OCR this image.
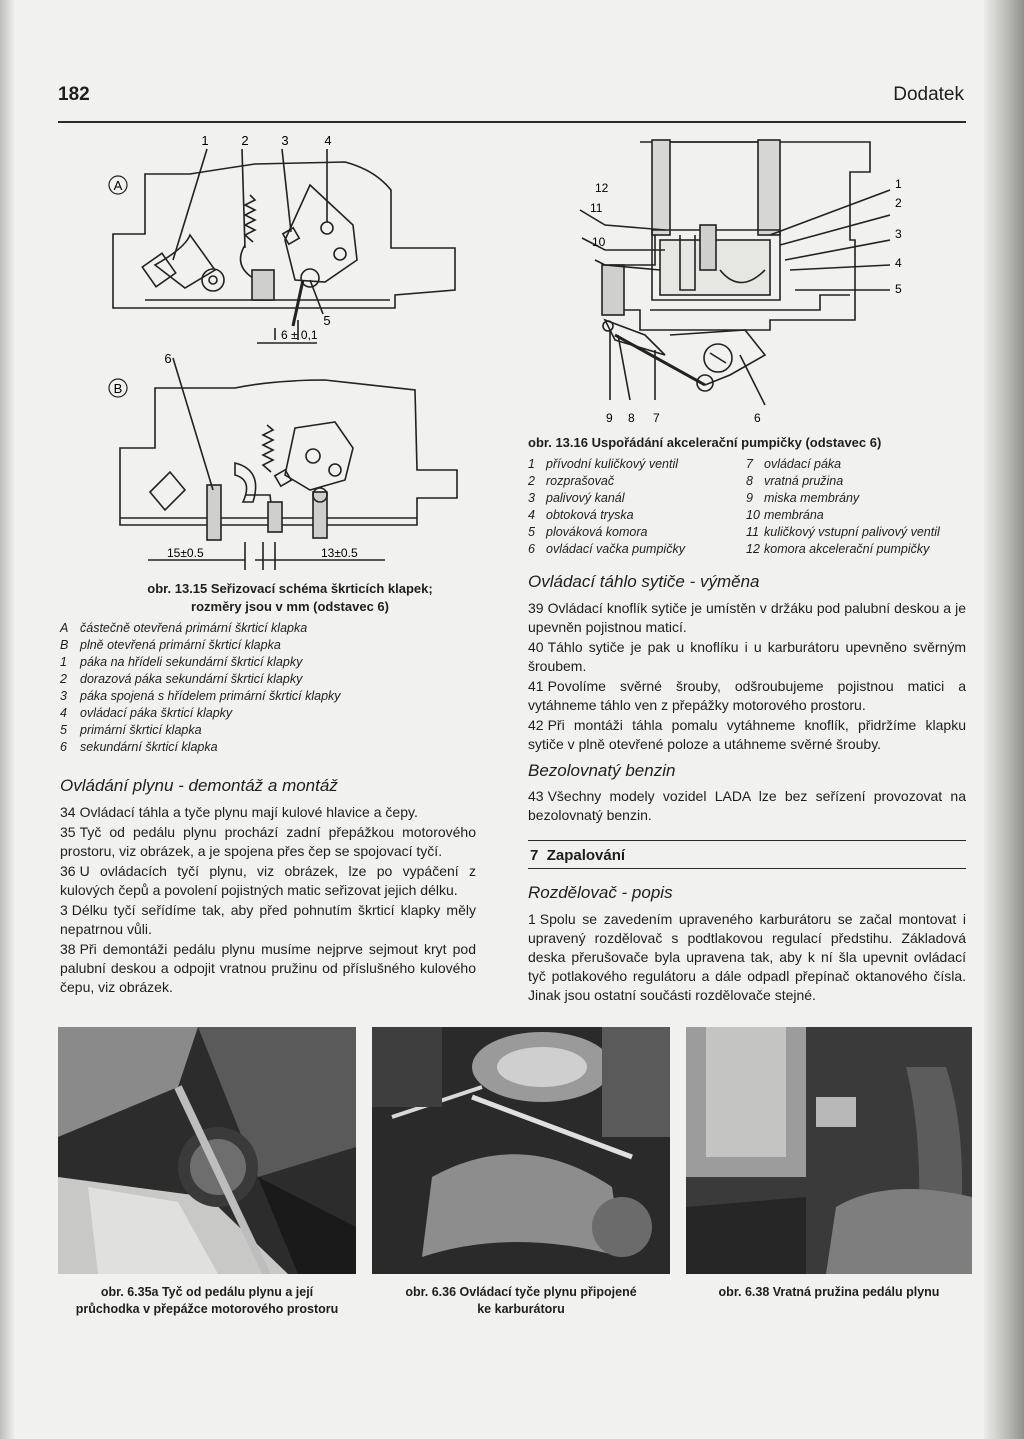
182	Dodatek
A
B
1	2	3	4
5
6 ± 0,1
6
15±0.5	13±0.5
obr. 13.15 Seřizovací schéma škrticích klapek;
rozměry jsou v mm (odstavec 6)
A částečně otevřená primární škrticí klapka
B plně otevřená primární škrticí klapka
1	páka na hřídeli sekundární škrticí klapky
2	dorazová páka sekundární škrticí klapky
3	páka spojená s hřídelem primární škrticí klapky
4	ovládací páka škrticí klapky
5	primární škrticí klapka
6	sekundární škrticí klapka
Ovládání plynu - demontáž a montáž

34 Ovládací táhla a tyče plynu mají kulové hlavice a čepy.

35 Tyč od pedálu plynu prochází zadní přepážkou motorového prostoru, viz obrázek, a je spojena přes čep se spojovací tyčí.

36 U ovládacích tyčí plynu, viz obrázek, lze po vypáčení z kulových čepů a povolení pojistných matic seřizovat jejich délku.

3 Délku tyčí seřídíme tak, aby před pohnutím škrticí klapky měly nepatrnou vůli.

38 Při demontáži pedálu plynu musíme nejprve sejmout kryt pod palubní deskou a odpojit vratnou pružinu od příslušného kulového čepu, viz obrázek.

12
11
10
1
2
3
4
5
9 8 7	6
obr. 13.16 Uspořádání akcelerační pumpičky (odstavec 6)
1 přívodní kuličkový ventil	7 ovládací páka
2 rozprašovač	8 vratná pružina
3 palivový kanál	9 miska membrány
4 obtoková tryska	10 membrána
5 plováková komora	11 kuličkový vstupní palivový ventil
6 ovládací vačka pumpičky	12 komora akcelerační pumpičky
Ovládací táhlo sytiče - výměna

39 Ovládací knoflík sytiče je umístěn v držáku pod palubní deskou a je upevněn pojistnou maticí.

40 Táhlo sytiče je pak u knoflíku i u karburátoru upevněno svěrným šroubem.

41 Povolíme svěrné šrouby, odšroubujeme pojistnou matici a vytáhneme táhlo ven z přepážky motorového prostoru.

42 Při montáži táhla pomalu vytáhneme knoflík, přidržíme klapku sytiče v plně otevřené poloze a utáhneme svěrné šrouby.

Bezolovnatý benzin

43 Všechny modely vozidel LADA lze bez seřízení provozovat na bezolovnatý benzin.

7 Zapalování
Rozdělovač - popis

1 Spolu se zavedením upraveného karburátoru se začal montovat i upravený rozdělovač s podtlakovou regulací předstihu. Základová deska přerušovače byla upravena tak, aby k ní šla upevnit ovládací tyč potlakového regulátoru a dále odpadl přepínač oktanového čísla. Jinak jsou ostatní součásti rozdělovače stejné.

obr. 6.35a Tyč od pedálu plynu a její
průchodka v přepážce motorového prostoru
obr. 6.36 Ovládací tyče plynu připojené
ke karburátoru
obr. 6.38 Vratná pružina pedálu plynu
